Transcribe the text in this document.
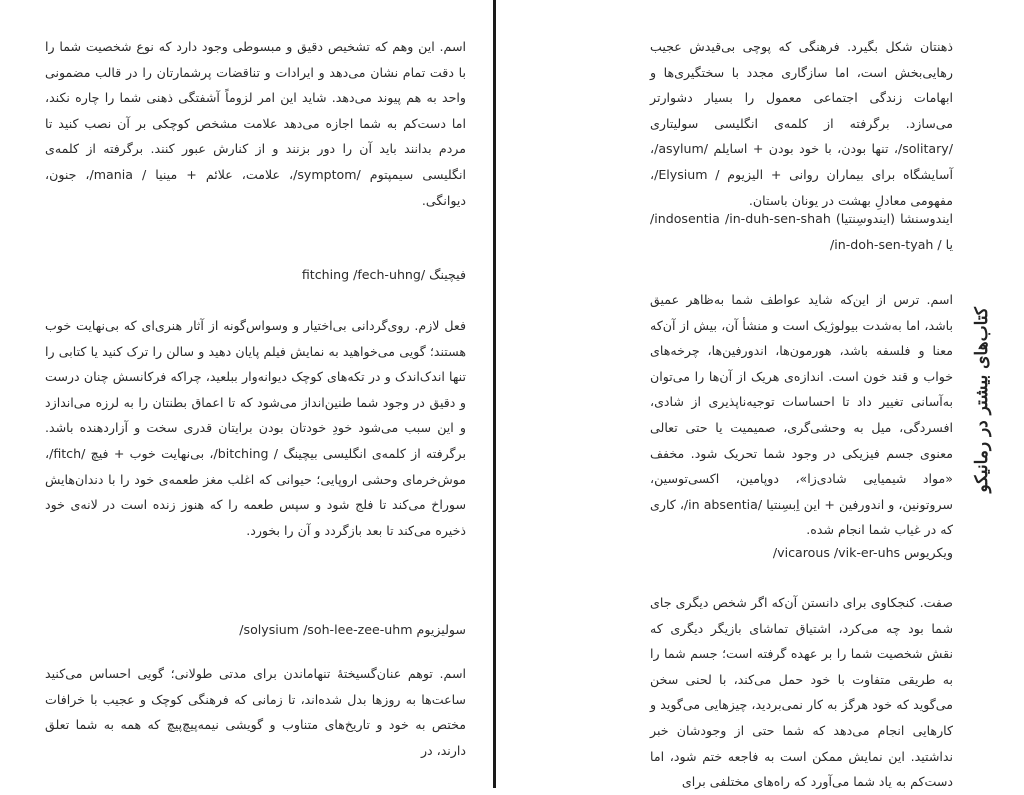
اسم. این وهم که تشخیص دقیق و مبسوطی وجود دارد که نوع شخصیت شما را با دقت تمام نشان می‌دهد و ایرادات و تناقضات پرشمارتان را در قالب مضمونی واحد به هم پیوند می‌دهد. شاید این امر لزوماً آشفتگی ذهنی شما را چاره نکند، اما دست‌کم به شما اجازه می‌دهد علامت مشخص کوچکی بر آن نصب کنید تا مردم بدانند باید آن را دور بزنند و از کنارش عبور کنند. برگرفته از کلمه‌ی انگلیسی سیمپتوم /symptom/، علامت، علائم + مینیا / mania/، جنون، دیوانگی.

فیچینگ /fitching /fech-uhng

فعل لازم. روی‌گردانی بی‌اختیار و وسواس‌گونه از آثار هنری‌ای که بی‌نهایت خوب هستند؛ گویی می‌خواهید به نمایش فیلم پایان دهید و سالن را ترک کنید یا کتابی را تنها اندک‌اندک و در تکه‌های کوچک دیوانه‌وار ببلعید، چراکه فرکانسش چنان درست و دقیق در وجود شما طنین‌انداز می‌شود که تا اعماق بطنتان را به لرزه می‌اندازد و این سبب می‌شود خودِ خودتان بودن برایتان قدری سخت و آزاردهنده باشد. برگرفته از کلمه‌ی انگلیسی بیچینگ / bitching/، بی‌نهایت خوب + فیچ /fitch/، موش‌خرمای وحشی اروپایی؛ حیوانی که اغلب مغز طعمه‌ی خود را با دندان‌هایش سوراخ می‌کند تا فلج شود و سپس طعمه را که هنوز زنده است در لانه‌ی خود ذخیره می‌کند تا بعد بازگردد و آن را بخورد.

سولیزیوم solysium /soh-lee-zee-uhm/

اسم. توهم عنان‌گسیختهٔ تنهاماندن برای مدتی طولانی؛ گویی احساس می‌کنید ساعت‌ها به روزها بدل شده‌اند، تا زمانی که فرهنگی کوچک و عجیب با خرافات مختص به خود و تاریخ‌های متناوب و گویشی نیمه‌پیچ‌پیچ که همه به شما تعلق دارند، در

ذهنتان شکل بگیرد. فرهنگی که پوچی بی‌قیدش عجیب رهایی‌بخش است، اما سازگاری مجدد با سختگیری‌ها و ابهامات زندگی اجتماعی معمول را بسیار دشوارتر می‌سازد. برگرفته از کلمه‌ی انگلیسی سولیتاری /solitary/، تنها بودن، با خود بودن + اسایلم /asylum/، آسایشگاه برای بیماران روانی + الیزیوم / Elysium/، مفهومی معادلِ بهشت در یونان باستان.

ایندوسنشا (ایندوسِنتیا) indosentia /in-duh-sen-shah/ یا / in-doh-sen-tyah/

اسم. ترس از این‌که شاید عواطف شما به‌ظاهر عمیق باشد، اما به‌شدت بیولوژیک است و منشأ آن، بیش از آن‌که معنا و فلسفه باشد، هورمون‌ها، اندورفین‌ها، چرخه‌های خواب و قند خون است. اندازه‌ی هریک از آن‌ها را می‌توان به‌آسانی تغییر داد تا احساسات توجیه‌ناپذیری از شادی، افسردگی، میل به وحشی‌گری، صمیمیت یا حتی تعالی معنوی جسم فیزیکی در وجود شما تحریک شود. مخفف «مواد شیمیایی شادی‌زا»، دوپامین، اکسی‌توسین، سروتونین، و اندورفین + این اِبسِنتیا /in absentia/، کاری که در غیاب شما انجام شده.

ویکریوس vicarous /vik-er-uhs/

صفت. کنجکاوی برای دانستن آن‌که اگر شخص دیگری جای شما بود چه می‌کرد، اشتیاق تماشای بازیگر دیگری که نقش شخصیت شما را بر عهده گرفته است؛ جسم شما را به طریقی متفاوت با خود حمل می‌کند، با لحنی سخن می‌گوید که خود هرگز به کار نمی‌بردید، چیزهایی می‌گوید و کارهایی انجام می‌دهد که شما حتی از وجودشان خبر نداشتید. این نمایش ممکن است به فاجعه ختم شود، اما دست‌کم به یاد شما می‌آورد که راه‌های مختلفی برای

کتاب‌های بیشتر در رمانیکو
